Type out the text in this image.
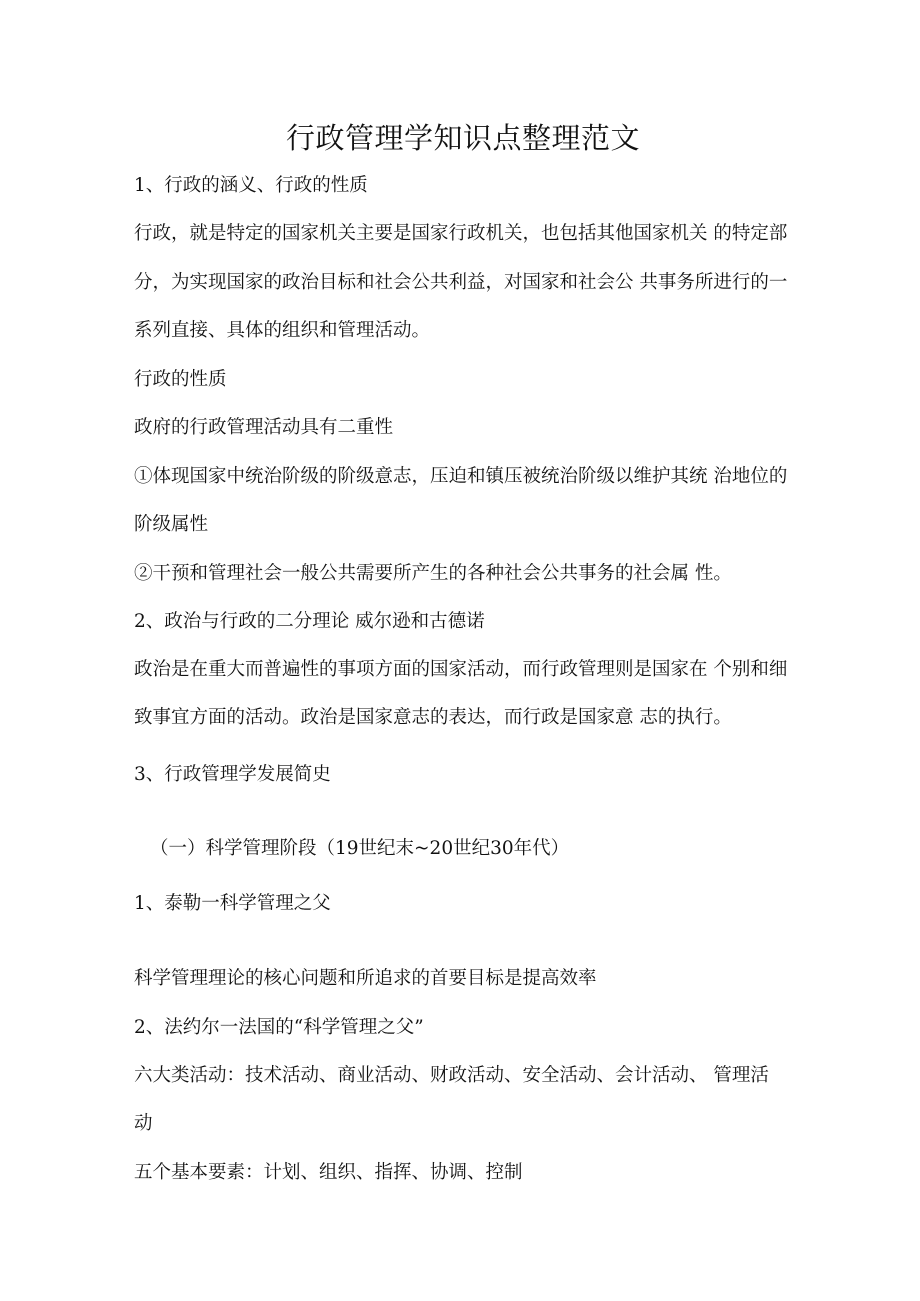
行政管理学知识点整理范文
1、行政的涵义、行政的性质
行政，就是特定的国家机关主要是国家行政机关，也包括其他国家机关 的特定部
分，为实现国家的政治目标和社会公共利益，对国家和社会公 共事务所进行的一
系列直接、具体的组织和管理活动。
行政的性质
政府的行政管理活动具有二重性
①体现国家中统治阶级的阶级意志，压迫和镇压被统治阶级以维护其统 治地位的
阶级属性
②干预和管理社会一般公共需要所产生的各种社会公共事务的社会属 性。
2、政治与行政的二分理论 威尔逊和古德诺
政治是在重大而普遍性的事项方面的国家活动，而行政管理则是国家在 个别和细
致事宜方面的活动。政治是国家意志的表达，而行政是国家意 志的执行。
3、行政管理学发展简史
（一）科学管理阶段（19世纪末~20世纪30年代）
1、泰勒一科学管理之父
科学管理理论的核心问题和所追求的首要目标是提高效率
2、法约尔一法国的“科学管理之父”
六大类活动：技术活动、商业活动、财政活动、安全活动、会计活动、 管理活
动
五个基本要素：计划、组织、指挥、协调、控制
